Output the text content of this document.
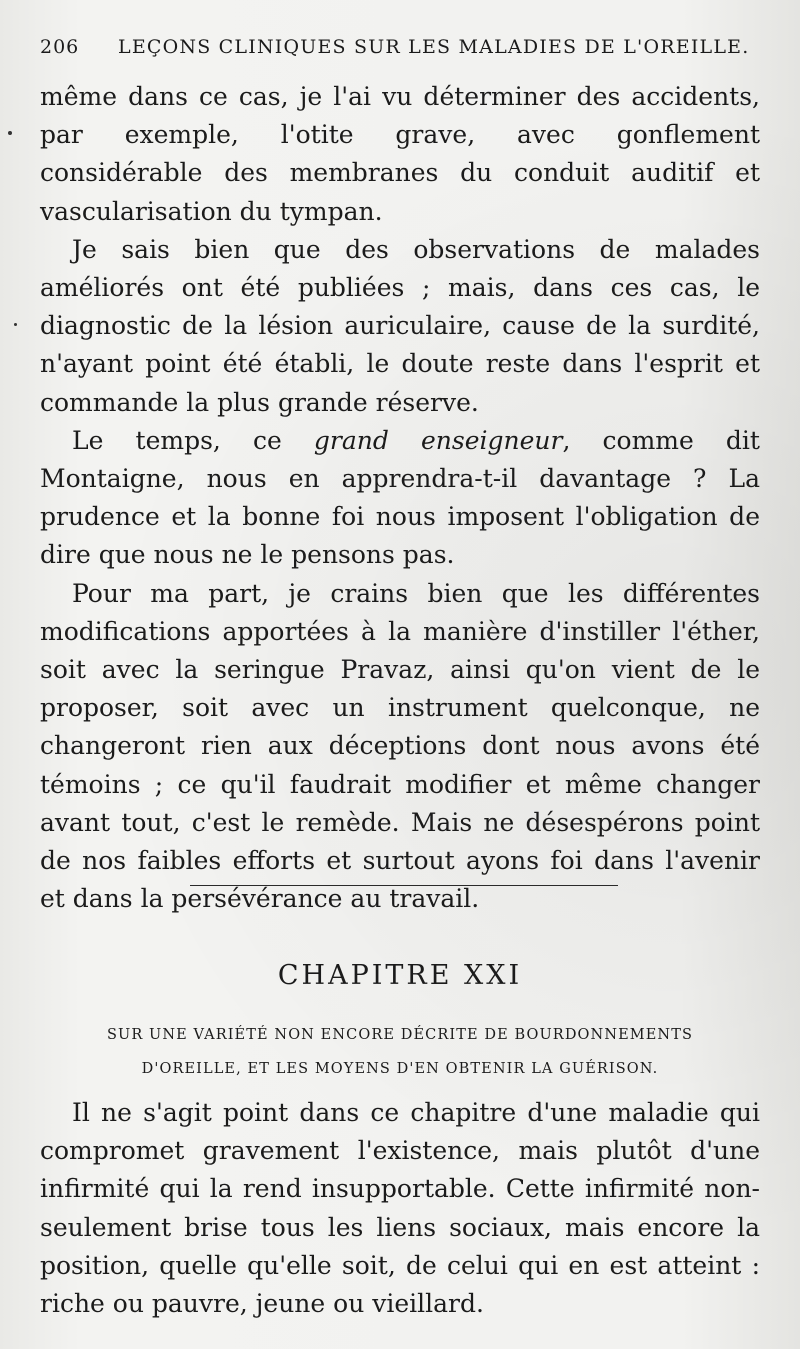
206 LEÇONS CLINIQUES SUR LES MALADIES DE L'OREILLE.

même dans ce cas, je l'ai vu déterminer des accidents, par exemple, l'otite grave, avec gonflement considérable des membranes du conduit auditif et vascularisation du tympan.

Je sais bien que des observations de malades améliorés ont été publiées ; mais, dans ces cas, le diagnostic de la lésion auriculaire, cause de la surdité, n'ayant point été établi, le doute reste dans l'esprit et commande la plus grande réserve.

Le temps, ce grand enseigneur, comme dit Montaigne, nous en apprendra-t-il davantage ? La prudence et la bonne foi nous imposent l'obligation de dire que nous ne le pensons pas.

Pour ma part, je crains bien que les différentes modifications apportées à la manière d'instiller l'éther, soit avec la seringue Pravaz, ainsi qu'on vient de le proposer, soit avec un instrument quelconque, ne changeront rien aux déceptions dont nous avons été témoins ; ce qu'il faudrait modifier et même changer avant tout, c'est le remède. Mais ne désespérons point de nos faibles efforts et surtout ayons foi dans l'avenir et dans la persévérance au travail.

CHAPITRE XXI
SUR UNE VARIÉTÉ NON ENCORE DÉCRITE DE BOURDONNEMENTS
D'OREILLE, ET LES MOYENS D'EN OBTENIR LA GUÉRISON.

Il ne s'agit point dans ce chapitre d'une maladie qui compromet gravement l'existence, mais plutôt d'une infirmité qui la rend insupportable. Cette infirmité non-seulement brise tous les liens sociaux, mais encore la position, quelle qu'elle soit, de celui qui en est atteint : riche ou pauvre, jeune ou vieillard.
